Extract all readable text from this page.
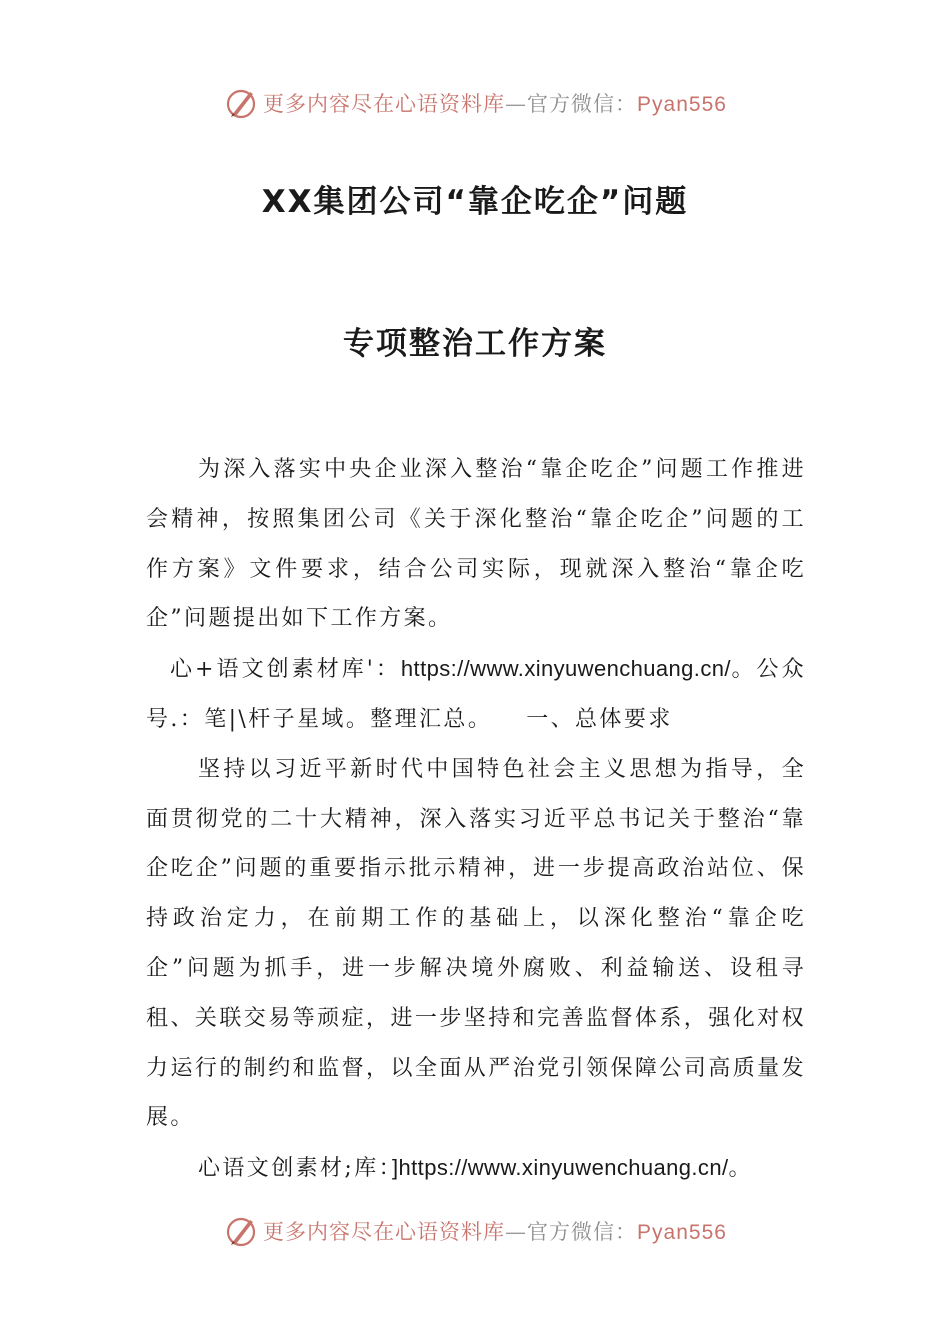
更多内容尽在心语资料库—官方微信：Pyan556
XX集团公司“靠企吃企”问题
专项整治工作方案

为深入落实中央企业深入整治“靠企吃企”问题工作推进会精神，按照集团公司《关于深化整治“靠企吃企”问题的工作方案》文件要求，结合公司实际，现就深入整治“靠企吃企”问题提出如下工作方案。

心+语文创素材库'：https://www.xinyuwenchuang.cn/。公众号.：笔|\杆子星域。整理汇总。 一、总体要求

坚持以习近平新时代中国特色社会主义思想为指导，全面贯彻党的二十大精神，深入落实习近平总书记关于整治“靠企吃企”问题的重要指示批示精神，进一步提高政治站位、保持政治定力，在前期工作的基础上，以深化整治“靠企吃企”问题为抓手，进一步解决境外腐败、利益输送、设租寻租、关联交易等顽症，进一步坚持和完善监督体系，强化对权力运行的制约和监督，以全面从严治党引领保障公司高质量发展。

心语文创素材;库：]https://www.xinyuwenchuang.cn/。

更多内容尽在心语资料库—官方微信：Pyan556
